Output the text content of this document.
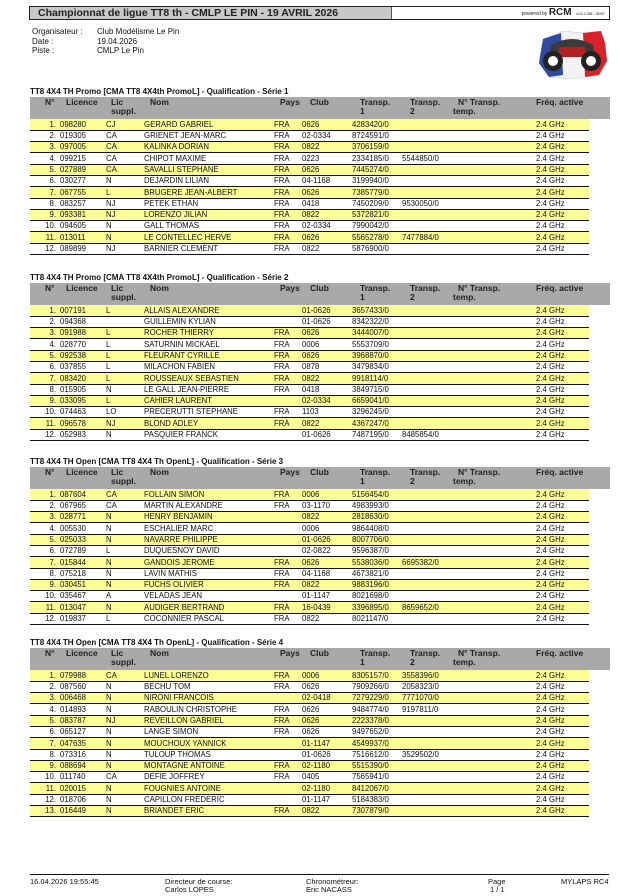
Championnat de ligue TT8 th - CMLP LE PIN - 19 AVRIL 2026	powered by RCM v3.5.4.288 / 18297
Organisateur :	Club Modélisme Le Pin
Date :	19.04.2026
Piste :	CMLP Le Pin
TT8 4X4 TH Promo [CMA TT8 4X4th PromoL] - Qualification - Série 1
N° Licence Lic	Nom	Pays Club	Transp. Transp. N° Transp.	Fréq. active
suppl.	1	2	temp.
1.	098280	CJ	GERARD GABRIEL	FRA	0626	4283420/0			2.4 GHz
2.	019305	CA	GRIENET JEAN-MARC	FRA	02-0334	8724591/0			2.4 GHz
3.	097005	CA	KALINKA DORIAN	FRA	0822	3706159/0			2.4 GHz
4.	099215	CA	CHIPOT MAXIME	FRA	0223	2334185/0	5544850/0		2.4 GHz
5.	027889	CA	SAVALLI STEPHANE	FRA	0626	7445274/0			2.4 GHz
6.	030277	N	DEJARDIN LILIAN	FRA	04-1168	3199940/0			2.4 GHz
7.	067755	L	BRUGERE JEAN-ALBERT	FRA	0626	7385779/0			2.4 GHz
8.	083257	NJ	PETEK ETHAN	FRA	0418	7450209/0	9530050/0		2.4 GHz
9.	093381	NJ	LORENZO JILIAN	FRA	0822	5372821/0			2.4 GHz
10.	094605	N	GALL THOMAS	FRA	02-0334	7990042/0			2.4 GHz
11.	013011	N	LE CONTELLEC HERVE	FRA	0626	5565278/0	7477884/0		2.4 GHz
12.	089899	NJ	BARNIER CLEMENT	FRA	0822	5876900/0			2.4 GHz
TT8 4X4 TH Promo [CMA TT8 4X4th PromoL] - Qualification - Série 2
N° Licence Lic	Nom	Pays Club	Transp. Transp. N° Transp.	Fréq. active
suppl.	1	2	temp.
1.	007191	L	ALLAIS ALEXANDRE		01-0626	3657433/0			2.4 GHz
2.	094368		GUILLEMIN KYLIAN		01-0626	8342322/0			2.4 GHz
3.	091988	L	ROCHER THIERRY	FRA	0626	3444007/0			2.4 GHz
4.	028770	L	SATURNIN MICKAEL	FRA	0006	5553709/0			2.4 GHz
5.	092538	L	FLEURANT CYRILLE	FRA	0626	3968870/0			2.4 GHz
6.	037855	L	MILACHON FABIEN	FRA	0878	3479834/0			2.4 GHz
7.	083420	L	ROUSSEAUX SEBASTIEN	FRA	0822	9918114/0			2.4 GHz
8.	015905	N	LE GALL JEAN-PIERRE	FRA	0418	3849715/0			2.4 GHz
9.	033095	L	CAHIER LAURENT		02-0334	6659041/0			2.4 GHz
10.	074463	LO	PRECERUTTI STEPHANE	FRA	1103	3296245/0			2.4 GHz
11.	096578	NJ	BLOND ADLEY	FRA	0822	4367247/0			2.4 GHz
12.	052983	N	PASQUIER FRANCK		01-0626	7487195/0	8485854/0		2.4 GHz
TT8 4X4 TH Open [CMA TT8 4X4 Th OpenL] - Qualification - Série 3
N° Licence Lic	Nom	Pays Club	Transp. Transp. N° Transp.	Fréq. active
suppl.	1	2	temp.
1.	087604	CA	FOLLAIN SIMON	FRA	0006	5156454/0			2.4 GHz
2.	067965	CA	MARTIN ALEXANDRE	FRA	03-1170	4983993/0			2.4 GHz
3.	028771	N	HENRY BENJAMIN		0822	2818630/0			2.4 GHz
4.	005530	N	ESCHALIER MARC		0006	9864408/0			2.4 GHz
5.	025033	N	NAVARRE PHILIPPE		01-0626	8007706/0			2.4 GHz
6.	072789	L	DUQUESNOY DAVID		02-0822	9596387/0			2.4 GHz
7.	015844	N	GANDOIS JEROME	FRA	0626	5538036/0	6695382/0		2.4 GHz
8.	075218	N	LAVIN MATHIS	FRA	04-1168	4673821/0			2.4 GHz
9.	030451	N	FUCHS OLIVIER	FRA	0822	9883196/0			2.4 GHz
10.	035467	A	VELADAS JEAN		01-1147	8021698/0			2.4 GHz
11.	013047	N	AUDIGER BERTRAND	FRA	16-0439	3396895/0	8659652/0		2.4 GHz
12.	019837	L	COCONNIER PASCAL	FRA	0822	8021147/0			2.4 GHz
TT8 4X4 TH Open [CMA TT8 4X4 Th OpenL] - Qualification - Série 4
N° Licence Lic	Nom	Pays Club	Transp. Transp. N° Transp.	Fréq. active
suppl.	1	2	temp.
1.	079988	CA	LUNEL LORENZO	FRA	0006	8305157/0	3558396/0		2.4 GHz
2.	087560	N	BECHU TOM	FRA	0626	7909266/0	2058323/0		2.4 GHz
3.	006468	N	NIRONI FRANCOIS		02-0418	7279229/0	7771070/0		2.4 GHz
4.	014893	N	RABOULIN CHRISTOPHE	FRA	0626	9484774/0	9197811/0		2.4 GHz
5.	083787	NJ	REVEILLON GABRIEL	FRA	0626	2223378/0			2.4 GHz
6.	065127	N	LANGE SIMON	FRA	0626	9497652/0			2.4 GHz
7.	047635	N	MOUCHOUX YANNICK		01-1147	4549937/0			2.4 GHz
8.	073316	N	TULOUP THOMAS		01-0626	7516612/0	3529502/0		2.4 GHz
9.	088694	N	MONTAGNE ANTOINE	FRA	02-1180	5515390/0			2.4 GHz
10.	011740	CA	DEFIE JOFFREY	FRA	0405	7565941/0			2.4 GHz
11.	020015	N	FOUGNIES ANTOINE		02-1180	8412067/0			2.4 GHz
12.	018706	N	CAPILLON FREDERIC		01-1147	5184383/0			2.4 GHz
13.	016449	N	BRIANDET ERIC	FRA	0822	7307879/0			2.4 GHz
16.04.2026 19:55:45	Directeur de course:
Carlos LOPES
Chronométreur:
Eric NACASS
Page
1 / 1
MYLAPS RC4
